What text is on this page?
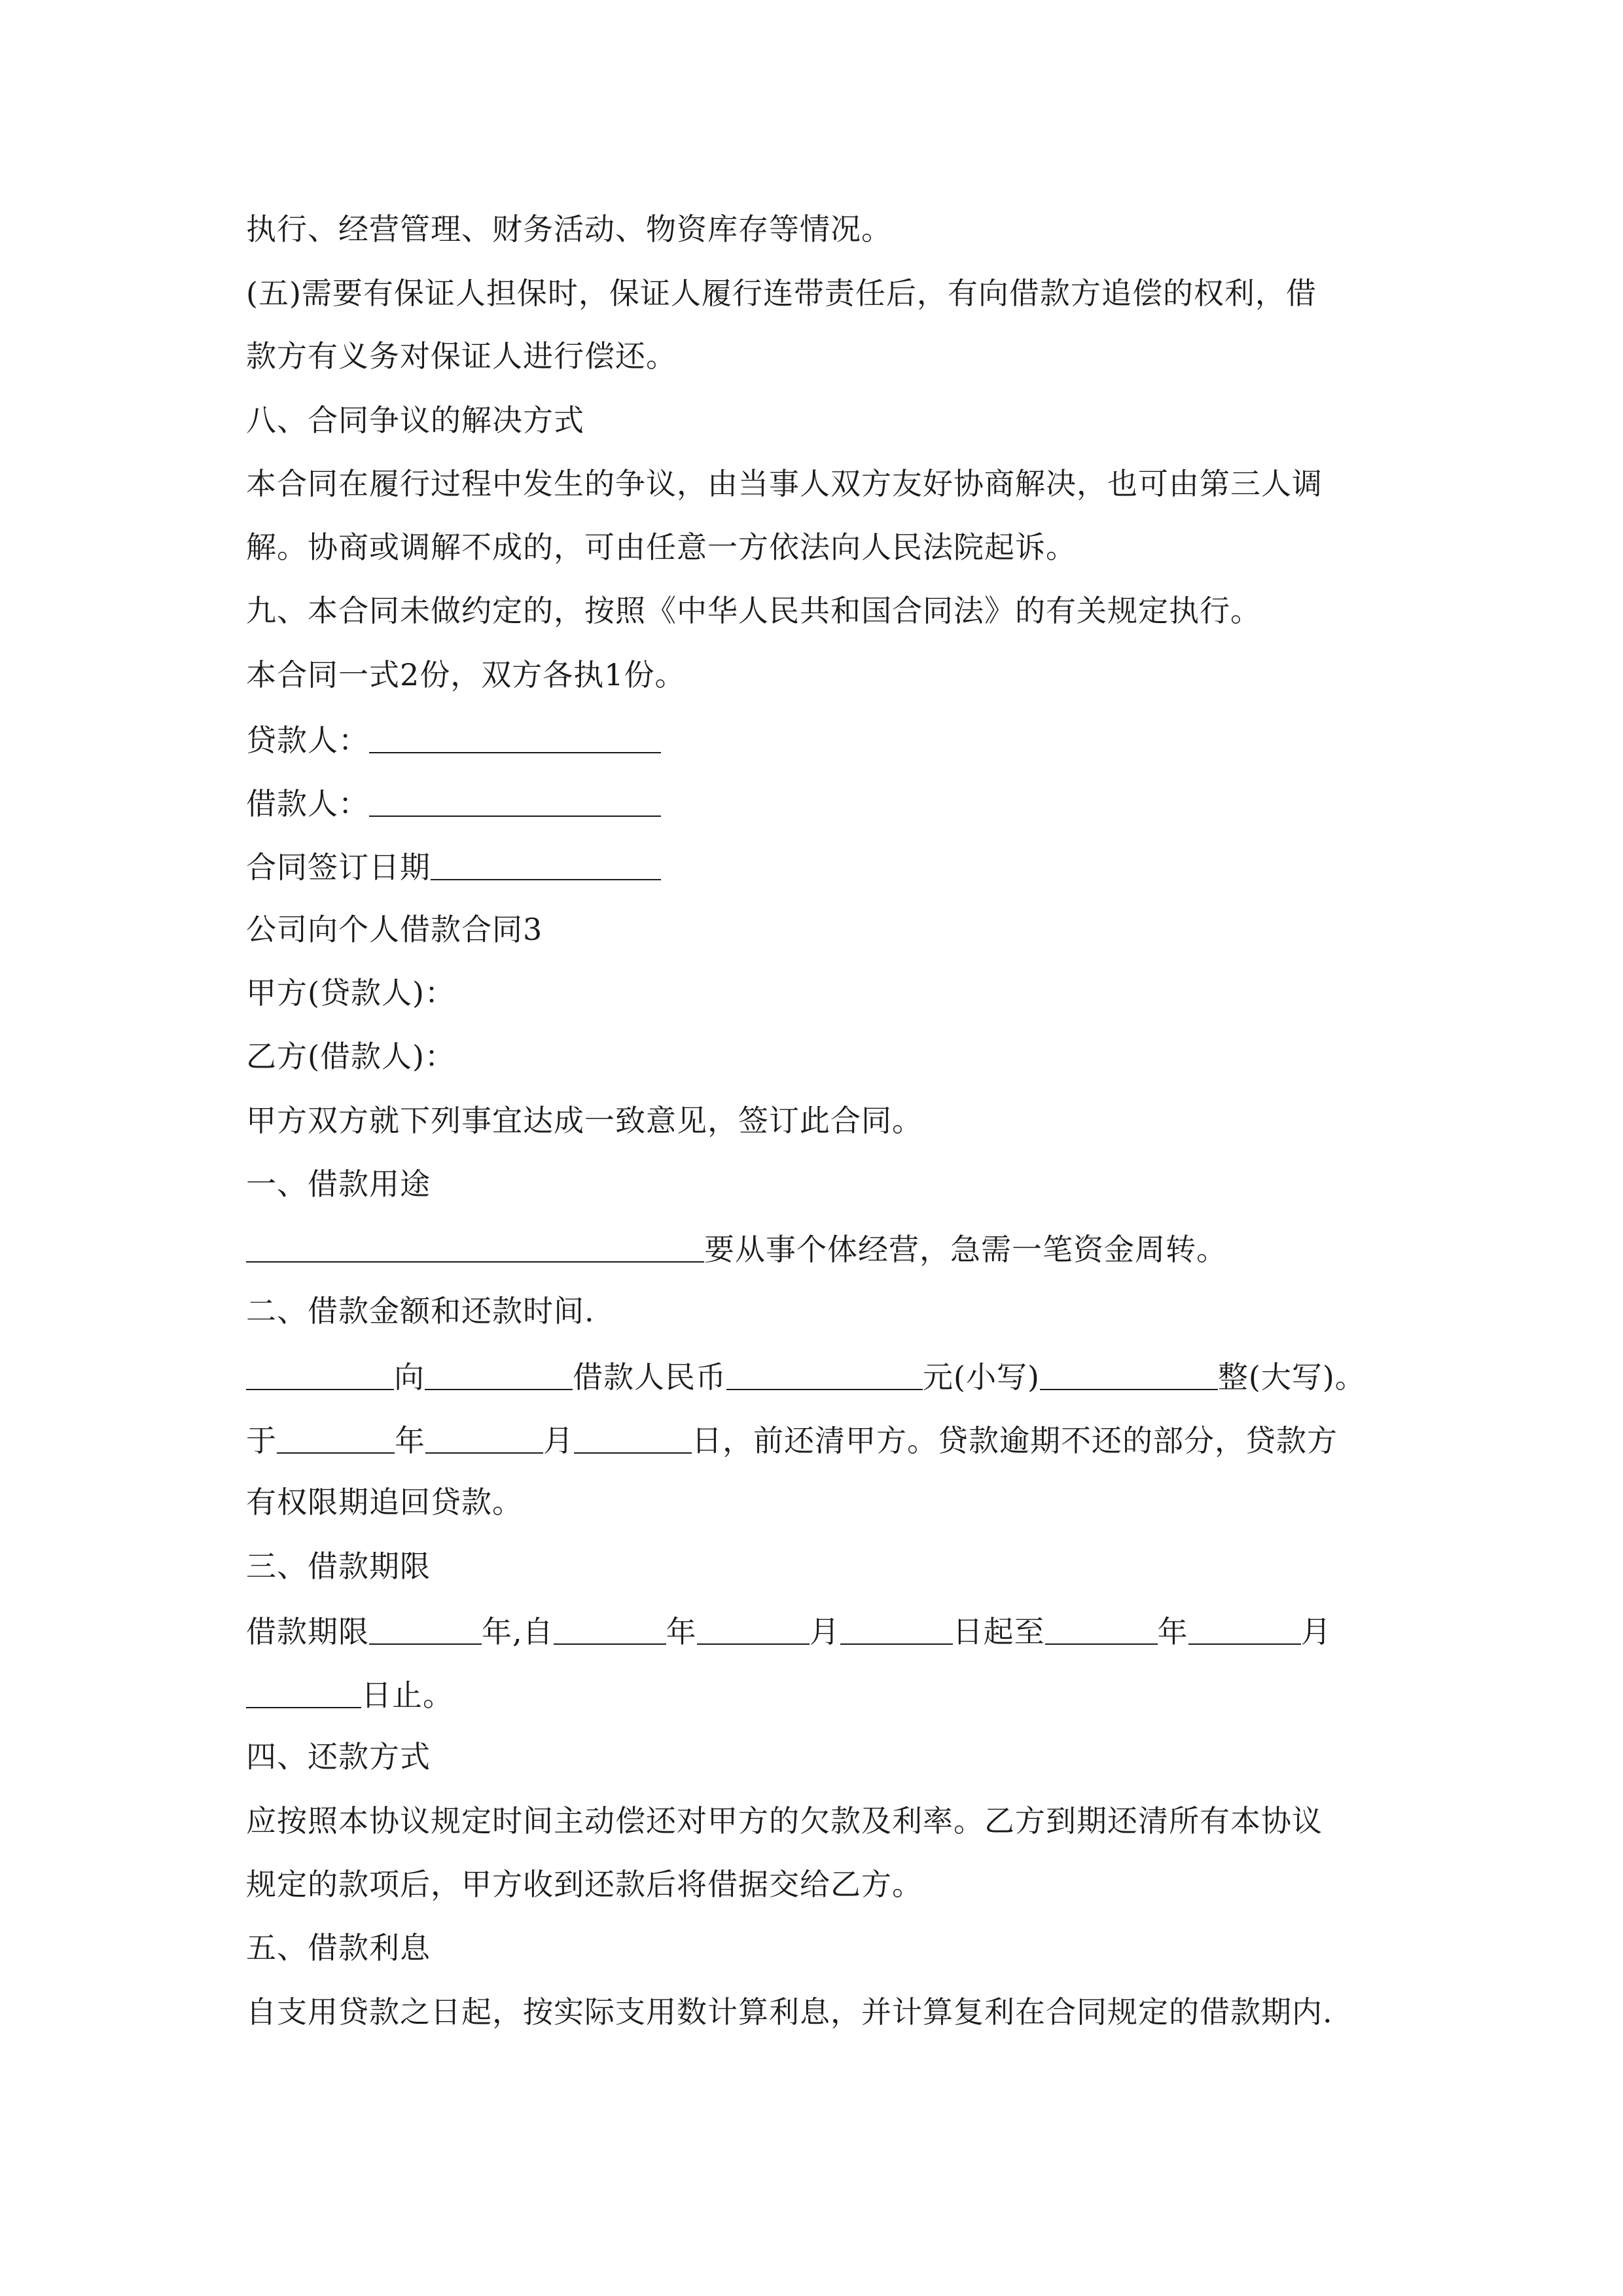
执行、经营管理、财务活动、物资库存等情况。
(五)需要有保证人担保时，保证人履行连带责任后，有向借款方追偿的权利，借
款方有义务对保证人进行偿还。
八、合同争议的解决方式
本合同在履行过程中发生的争议，由当事人双方友好协商解决，也可由第三人调
解。协商或调解不成的，可由任意一方依法向人民法院起诉。
九、本合同未做约定的，按照《中华人民共和国合同法》的有关规定执行。
本合同一式2份，双方各执1份。
贷款人：
借款人：
合同签订日期
公司向个人借款合同3
甲方(贷款人)：
乙方(借款人)：
甲方双方就下列事宜达成一致意见，签订此合同。
一、借款用途
要从事个体经营，急需一笔资金周转。
二、借款金额和还款时间.
向	借款人民币	元(小写)	整(大写)。
于	年	月	日，前还清甲方。贷款逾期不还的部分，贷款方
有权限期追回贷款。
三、借款期限
借款期限	年,自	年	月	日起至	年	月
日止。
四、还款方式
应按照本协议规定时间主动偿还对甲方的欠款及利率。乙方到期还清所有本协议
规定的款项后，甲方收到还款后将借据交给乙方。
五、借款利息
自支用贷款之日起，按实际支用数计算利息，并计算复利在合同规定的借款期内.
